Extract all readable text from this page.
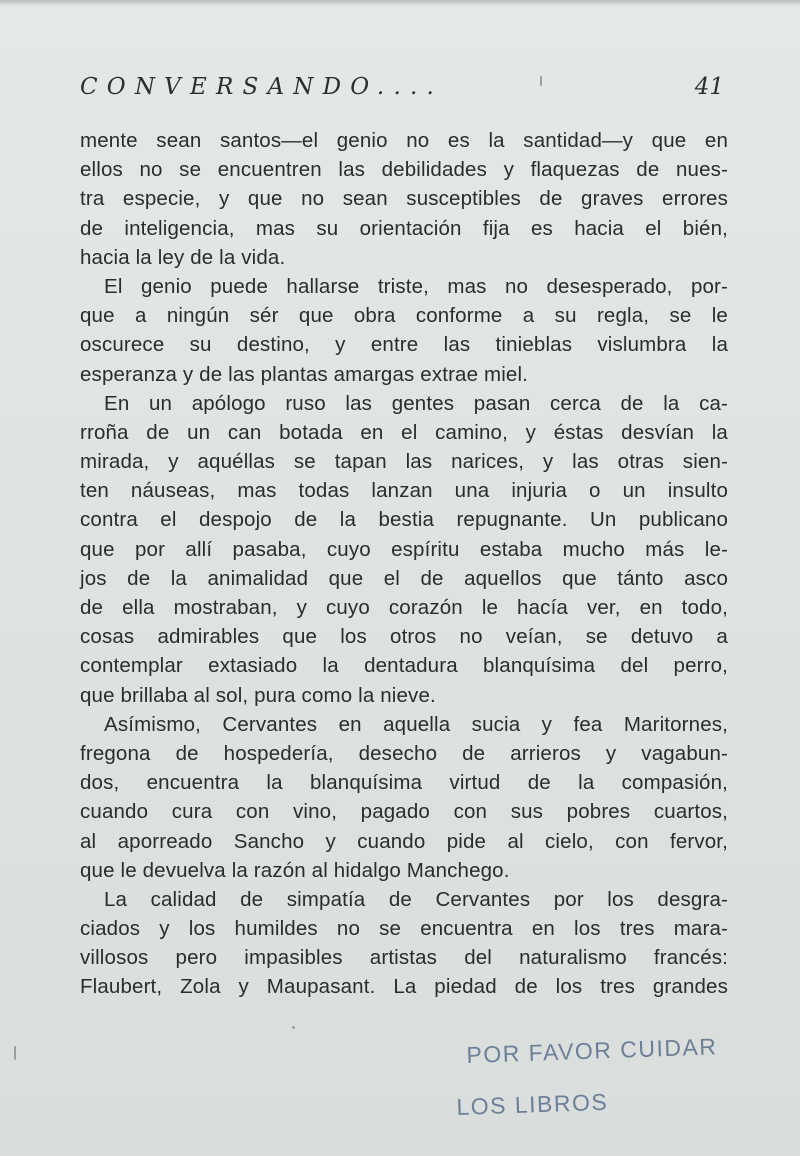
CONVERSANDO....	41
mente sean santos—el genio no es la santidad—y que en
ellos no se encuentren las debilidades y flaquezas de nues-
tra especie, y que no sean susceptibles de graves errores
de inteligencia, mas su orientación fija es hacia el bién,
hacia la ley de la vida.
El genio puede hallarse triste, mas no desesperado, por-
que a ningún sér que obra conforme a su regla, se le
oscurece su destino, y entre las tinieblas vislumbra la
esperanza y de las plantas amargas extrae miel.
En un apólogo ruso las gentes pasan cerca de la ca-
rroña de un can botada en el camino, y éstas desvían la
mirada, y aquéllas se tapan las narices, y las otras sien-
ten náuseas, mas todas lanzan una injuria o un insulto
contra el despojo de la bestia repugnante. Un publicano
que por allí pasaba, cuyo espíritu estaba mucho más le-
jos de la animalidad que el de aquellos que tánto asco
de ella mostraban, y cuyo corazón le hacía ver, en todo,
cosas admirables que los otros no veían, se detuvo a
contemplar extasiado la dentadura blanquísima del perro,
que brillaba al sol, pura como la nieve.
Asímismo, Cervantes en aquella sucia y fea Maritornes,
fregona de hospedería, desecho de arrieros y vagabun-
dos, encuentra la blanquísima virtud de la compasión,
cuando cura con vino, pagado con sus pobres cuartos,
al aporreado Sancho y cuando pide al cielo, con fervor,
que le devuelva la razón al hidalgo Manchego.
La calidad de simpatía de Cervantes por los desgra-
ciados y los humildes no se encuentra en los tres mara-
villosos pero impasibles artistas del naturalismo francés:
Flaubert, Zola y Maupasant. La piedad de los tres grandes
POR FAVOR CUIDAR
LOS LIBROS
